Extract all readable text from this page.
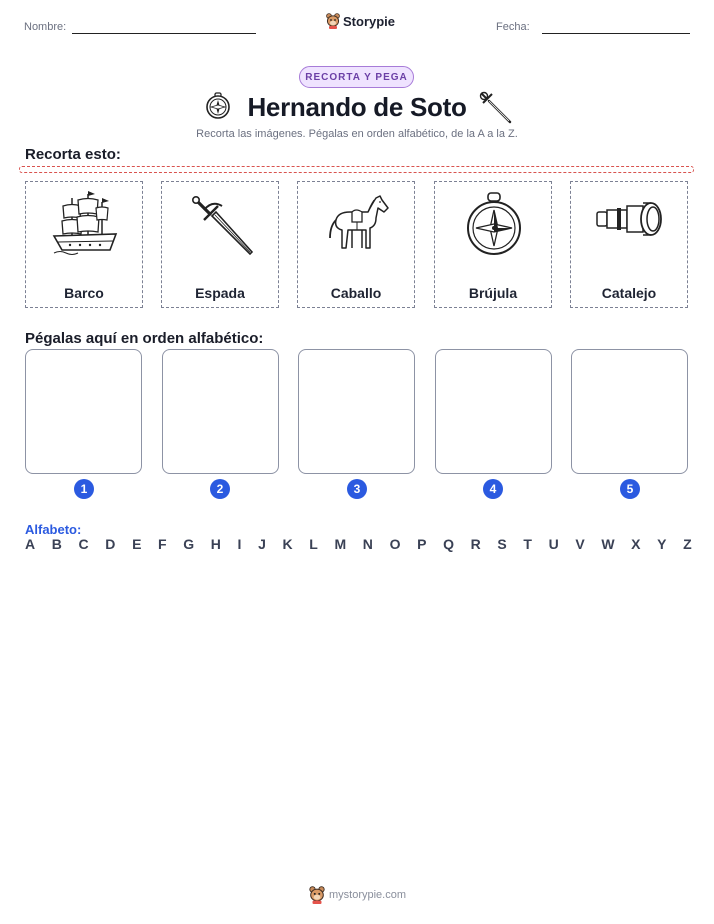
Nombre:	Storypie	Fecha:
RECORTA Y PEGA
Hernando de Soto
Recorta las imágenes. Pégalas en orden alfabético, de la A a la Z.
Recorta esto:
Barco	Espada	Caballo	Brújula	Catalejo
Pégalas aquí en orden alfabético:
1	2	3	4	5
Alfabeto:
A B C D E F G H I J K L M N O P Q R S T U V W X Y Z
mystorypie.com
